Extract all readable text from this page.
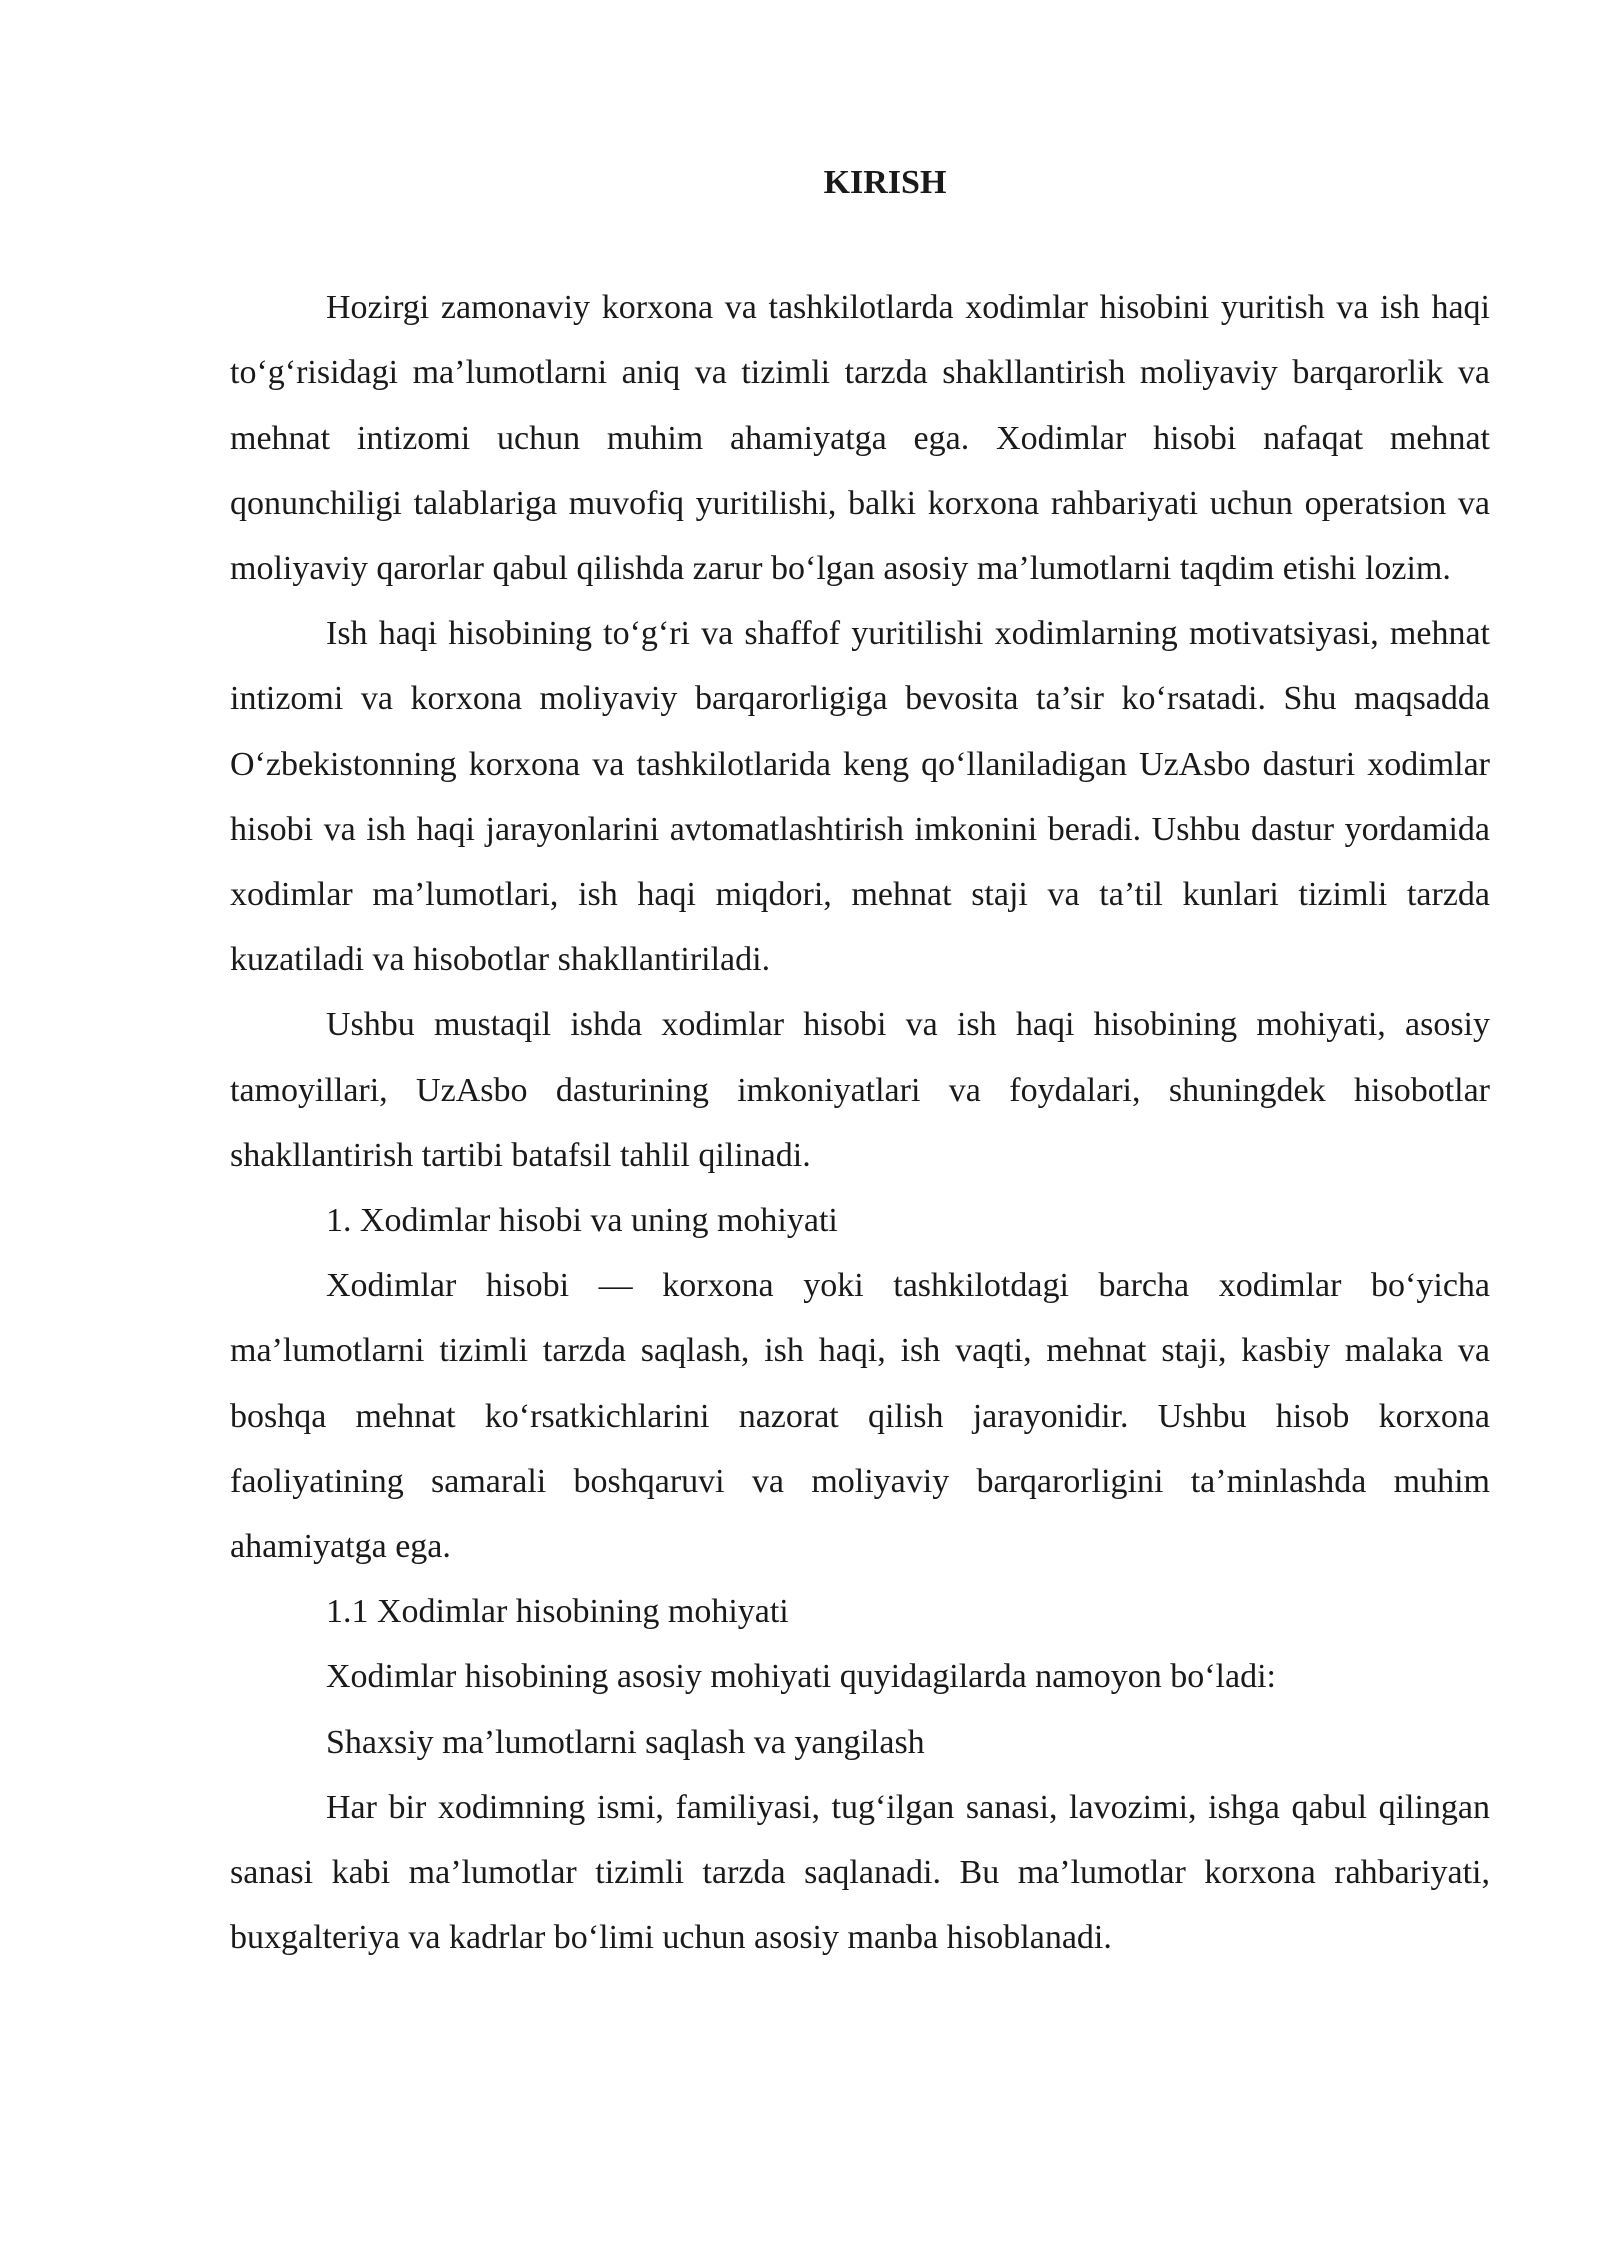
KIRISH

Hozirgi zamonaviy korxona va tashkilotlarda xodimlar hisobini yuritish va ish haqi to‘g‘risidagi ma’lumotlarni aniq va tizimli tarzda shakllantirish moliyaviy barqarorlik va mehnat intizomi uchun muhim ahamiyatga ega. Xodimlar hisobi nafaqat mehnat qonunchiligi talablariga muvofiq yuritilishi, balki korxona rahbariyati uchun operatsion va moliyaviy qarorlar qabul qilishda zarur bo‘lgan asosiy ma’lumotlarni taqdim etishi lozim.

Ish haqi hisobining to‘g‘ri va shaffof yuritilishi xodimlarning motivatsiyasi, mehnat intizomi va korxona moliyaviy barqarorligiga bevosita ta’sir ko‘rsatadi. Shu maqsadda O‘zbekistonning korxona va tashkilotlarida keng qo‘llaniladigan UzAsbo dasturi xodimlar hisobi va ish haqi jarayonlarini avtomatlashtirish imkonini beradi. Ushbu dastur yordamida xodimlar ma’lumotlari, ish haqi miqdori, mehnat staji va ta’til kunlari tizimli tarzda kuzatiladi va hisobotlar shakllantiriladi.

Ushbu mustaqil ishda xodimlar hisobi va ish haqi hisobining mohiyati, asosiy tamoyillari, UzAsbo dasturining imkoniyatlari va foydalari, shuningdek hisobotlar shakllantirish tartibi batafsil tahlil qilinadi.

1. Xodimlar hisobi va uning mohiyati

Xodimlar hisobi — korxona yoki tashkilotdagi barcha xodimlar bo‘yicha ma’lumotlarni tizimli tarzda saqlash, ish haqi, ish vaqti, mehnat staji, kasbiy malaka va boshqa mehnat ko‘rsatkichlarini nazorat qilish jarayonidir. Ushbu hisob korxona faoliyatining samarali boshqaruvi va moliyaviy barqarorligini ta’minlashda muhim ahamiyatga ega.

1.1 Xodimlar hisobining mohiyati

Xodimlar hisobining asosiy mohiyati quyidagilarda namoyon bo‘ladi:

Shaxsiy ma’lumotlarni saqlash va yangilash

Har bir xodimning ismi, familiyasi, tug‘ilgan sanasi, lavozimi, ishga qabul qilingan sanasi kabi ma’lumotlar tizimli tarzda saqlanadi. Bu ma’lumotlar korxona rahbariyati, buxgalteriya va kadrlar bo‘limi uchun asosiy manba hisoblanadi.
